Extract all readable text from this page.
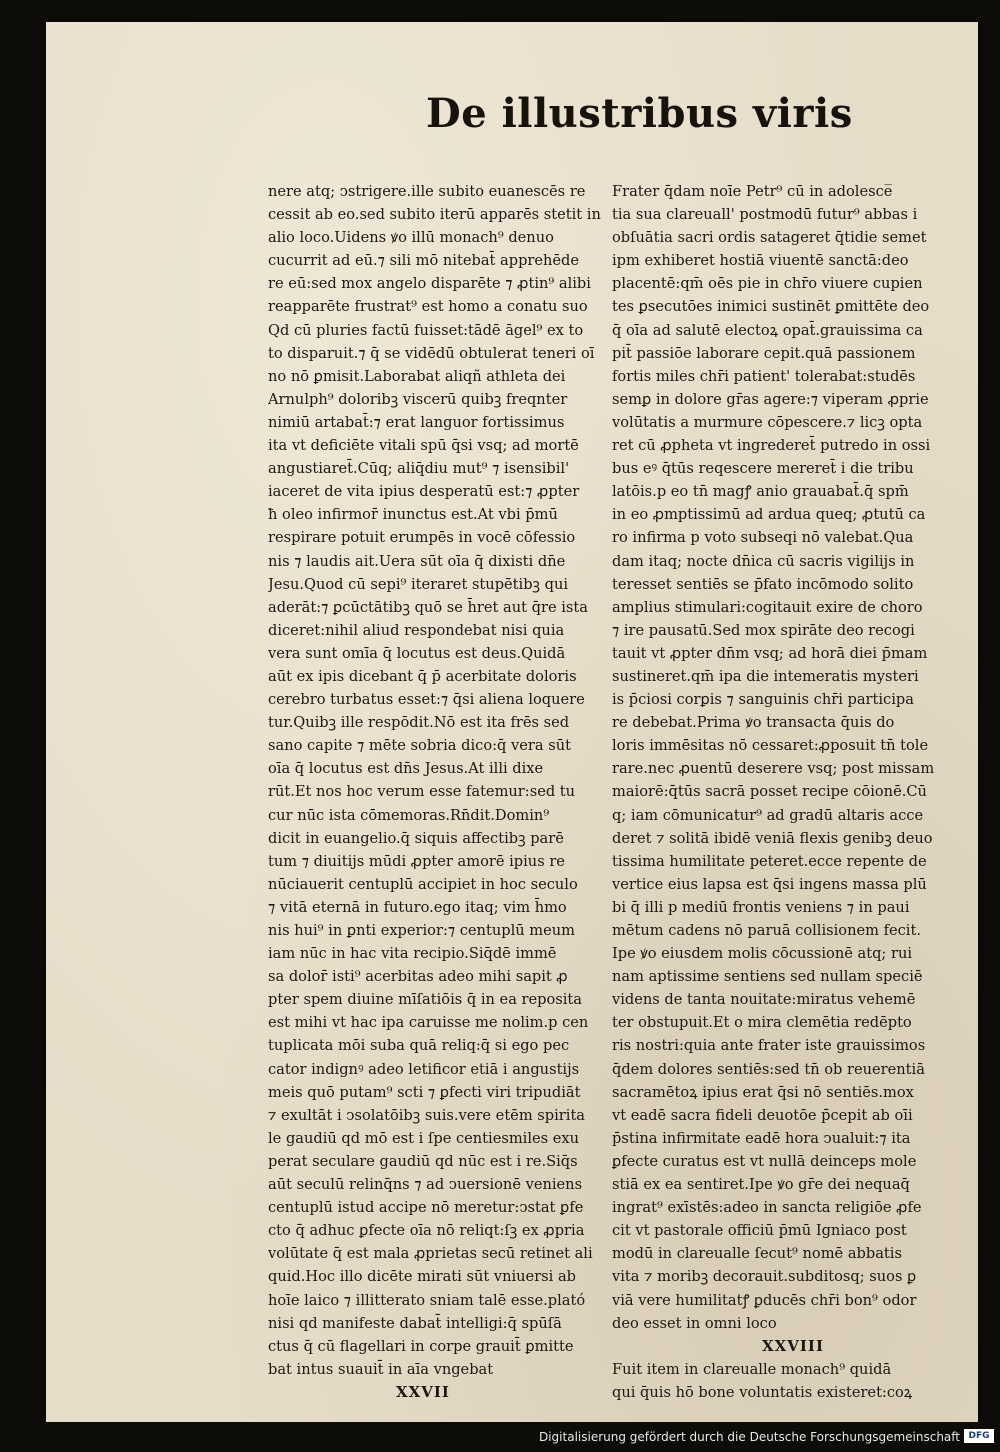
De illustribus viris
nere atq; ↄstrigere.ille subito euanescēs re
cessit ab eo.sed subito iterū apparēs stetit in
alio loco.Uidens ꝟo illū monach⁹ denuo
cucurrit ad eū.⁊ sili mō nitebat̄ apprehēde
re eū:sed mox angelo disparēte ⁊ ꝓtin⁹ alibi
reapparēte frustrat⁹ est homo a conatu suo
Qd cū pluries factū fuisset:tādē āgel⁹ ex to
to disparuit.⁊ q̄ se vidēdū obtulerat teneri oī
no nō ꝑmisit.Laborabat aliqñ athleta dei
Arnulph⁹ doloribꝫ viscerū quibꝫ freqnter
nimiū artabat̄:⁊ erat languor fortissimus
ita vt deficiēte vitali spū q̄si vsq; ad mortē
angustiaret̄.Cūq; aliq̄diu mut⁹ ⁊ isensibil'
iaceret de vita ipius desperatū est:⁊ ꝓpter
ħ oleo infirmor̄ inunctus est.At vbi p̄mū
respirare potuit erumpēs in vocē cōfessio
nis ⁊ laudis ait.Uera sūt oīa q̄ dixisti dn̄e
Jesu.Quod cū sepi⁹ iteraret stupētibꝫ qui
aderāt:⁊ ꝑcūctātibꝫ quō se h̄ret aut q̄re ista
diceret:nihil aliud respondebat nisi quia
vera sunt omīa q̄ locutus est deus.Quidā
aūt ex ipis dicebant q̄ p̄ acerbitate doloris
cerebro turbatus esset:⁊ q̄si aliena loquere
tur.Quibꝫ ille respōdit.Nō est ita frēs sed
sano capite ⁊ mēte sobria dico:q̄ vera sūt
oīa q̄ locutus est dn̄s Jesus.At illi dixe
rūt.Et nos hoc verum esse fatemur:sed tu
cur nūc ista cōmemoras.Rn̄dit.Domin⁹
dicit in euangelio.q̄ siquis affectibꝫ parē
tum ⁊ diuitijs mūdi ꝓpter amorē ipius re
nūciauerit centuplū accipiet in hoc seculo
⁊ vitā eternā in futuro.ego itaq; vim h̄mo
nis hui⁹ in ꝑnti experior:⁊ centuplū meum
iam nūc in hac vita recipio.Siq̄dē immē
sa dolor̄ isti⁹ acerbitas adeo mihi sapit ꝓ
pter spem diuine mīſatiōis q̄ in ea reposita
est mihi vt hac ipa caruisse me nolim.p cen
tuplicata mōi suba quā reliq:q̄ si ego pec
cator indignꝰ adeo letificor etiā i angustijs
meis quō putam⁹ scti ⁊ ꝑfecti viri tripudiāt
⁊ exultāt i ↄsolatōibꝫ suis.vere etēm spirita
le gaudiū qd mō est i ſpe centiesmiles exu
perat seculare gaudiū qd nūc est i re.Siq̄s
aūt seculū relinq̄ns ⁊ ad ↄuersionē veniens
centuplū istud accipe nō meretur:ↄstat ꝑfe
cto q̄ adhuc ꝑfecte oīa nō reliqt:ſꝫ ex ꝓpria
volūtate q̄ est mala ꝓprietas secū retinet ali
quid.Hoc illo dicēte mirati sūt vniuersi ab
hoīe laico ⁊ illitterato sniam talē esse.plató
nisi qd manifeste dabat̄ intelligi:q̄ spūſā
ctus q̄ cū flagellari in corpe grauit̄ ꝑmitte
bat intus suauit̄ in aīa vngebat
XXVII
Frater q̄dam noīe Petr⁹ cū in adolesce̅
tia sua clareuall' postmodū futur⁹ abbas i
obſuātia sacri ordis satageret q̄tidie semet
ipm exhiberet hostiā viuentē sanctā:deo
placentē:qm̄ oēs pie in chr̄o viuere cupien
tes ꝑsecutōes inimici sustinēt ꝑmittēte deo
q̄ oīa ad salutē electoꝝ opat̄.grauissima ca
pit̄ passiōe laborare cepit.quā passionem
fortis miles chr̄i patient' tolerabat:studēs
semꝑ in dolore gr̄as agere:⁊ viperam ꝓprie
volūtatis a murmure cōpescere.⁊ licꝫ opta
ret cū ꝓpheta vt ingrederet̄ putredo in ossi
bus eꝰ q̄tūs reqescere mereret̄ i die tribu
latōis.p eo tn̄ magꝭ anio grauabat̄.q̄ spm̄
in eo ꝓmptissimū ad ardua queq; ꝓtutū ca
ro infirma p voto subseqi nō valebat.Qua
dam itaq; nocte dn̄ica cū sacris vigilijs in
teresset sentiēs se p̄fato incōmodo solito
amplius stimulari:cogitauit exire de choro
⁊ ire pausatū.Sed mox spirāte deo recogi
tauit vt ꝓpter dn̄m vsq; ad horā diei p̄mam
sustineret.qm̄ ipa die intemeratis mysteri
is p̄ciosi corꝑis ⁊ sanguinis chr̄i participa
re debebat.Prima ꝟo transacta q̄uis do
loris immēsitas nō cessaret:ꝓposuit tn̄ tole
rare.nec ꝓuentū deserere vsq; post missam
maiorē:q̄tūs sacrā posset recipe cōionē.Cū
q; iam cōmunicatur⁹ ad gradū altaris acce
deret ⁊ solitā ibidē veniā flexis genibꝫ deuo
tissima humilitate peteret.ecce repente de
vertice eius lapsa est q̄si ingens massa plū
bi q̄ illi p mediū frontis veniens ⁊ in paui
mētum cadens nō paruā collisionem fecit.
Ipe ꝟo eiusdem molis cōcussionē atq; rui
nam aptissime sentiens sed nullam speciē
videns de tanta nouitate:miratus vehemē
ter obstupuit.Et o mira clemētia redēpto
ris nostri:quia ante frater iste grauissimos
q̄dem dolores sentiēs:sed tn̄ ob reuerentiā
sacramētoꝝ ipius erat q̄si nō sentiēs.mox
vt eadē sacra fideli deuotōe p̄cepit ab oīi
p̄stina infirmitate eadē hora ↄualuit:⁊ ita
ꝑfecte curatus est vt nullā deinceps mole
stiā ex ea sentiret.Ipe ꝟo gr̄e dei nequaq̄
ingrat⁹ exīstēs:adeo in sancta religiōe ꝓfe
cit vt pastorale officiū p̄mū Igniaco post
modū in clareualle ſecut⁹ nomē abbatis
vita ⁊ moribꝫ decorauit.subditosq; suos ꝑ
viā vere humilitatꝭ ꝑducēs chr̄i bon⁹ odor
deo esset in omni loco
XXVIII
Fuit item in clareualle monach⁹ quidā
qui q̄uis hō bone voluntatis existeret:coꝝ
Digitalisierung gefördert durch die Deutsche Forschungsgemeinschaft DFG
